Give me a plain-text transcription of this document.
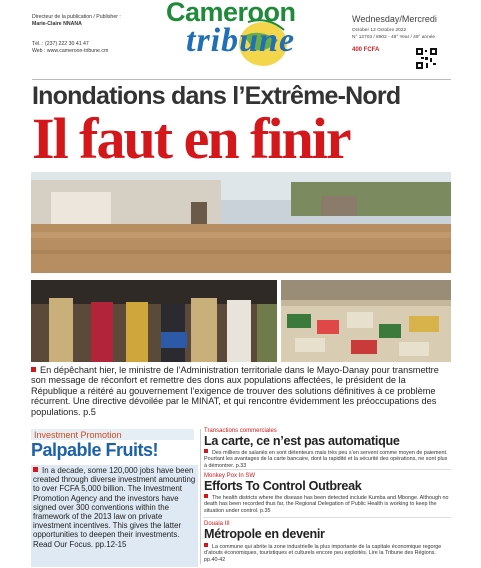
Directeur de la publication / Publisher :
Marie-Claire NNANA
Tél. : (237) 222 30 41 47
Web : www.cameroon-tribune.cm
Cameroon
tribune
Wednesday/Mercredi
October 12 Octobre 2022
N° 12703 / 8902 - 49° Year / 49° année
400 FCFA
Inondations dans l’Extrême-Nord
Il faut en finir
En dépêchant hier, le ministre de l’Administration territoriale dans le Mayo-Danay pour transmettre son message de réconfort et remettre des dons aux populations affectées, le président de la République a réitéré au gouvernement l’exigence de trouver des solutions définitives à ce problème récurrent. Une directive dévoilée par le MINAT, et qui rencontre évidemment les préoccupations des populations. p.5
Investment Promotion
Palpable Fruits!
In a decade, some 120,000 jobs have been created through diverse investment amounting to over FCFA 5,000 billion. The Investment Promotion Agency and the investors have signed over 300 conventions within the framework of the 2013 law on private investment incentives. This gives the latter opportunities to deepen their investments. Read Our Focus. pp.12-15
Transactions commerciales
La carte, ce n’est pas automatique
Des milliers de salariés en sont détenteurs mais très peu s’en servent comme moyen de paiement. Pourtant les avantages de la carte bancaire, dont la rapidité et la sécurité des opérations, ne sont plus à démontrer. p.33
Monkey Pox In SW
Efforts To Control Outbreak
The health districts where the disease has been detected include Kumba and Mbonge. Although no death has been recorded thus far, the Regional Delegation of Public Health is working to keep the situation under control. p.35
Douala III
Métropole en devenir
La commune qui abrite la zone industrielle la plus importante de la capitale économique regorge d’atouts économiques, touristiques et culturels encore peu exploités. Lire la Tribune des Régions. pp.40-42
